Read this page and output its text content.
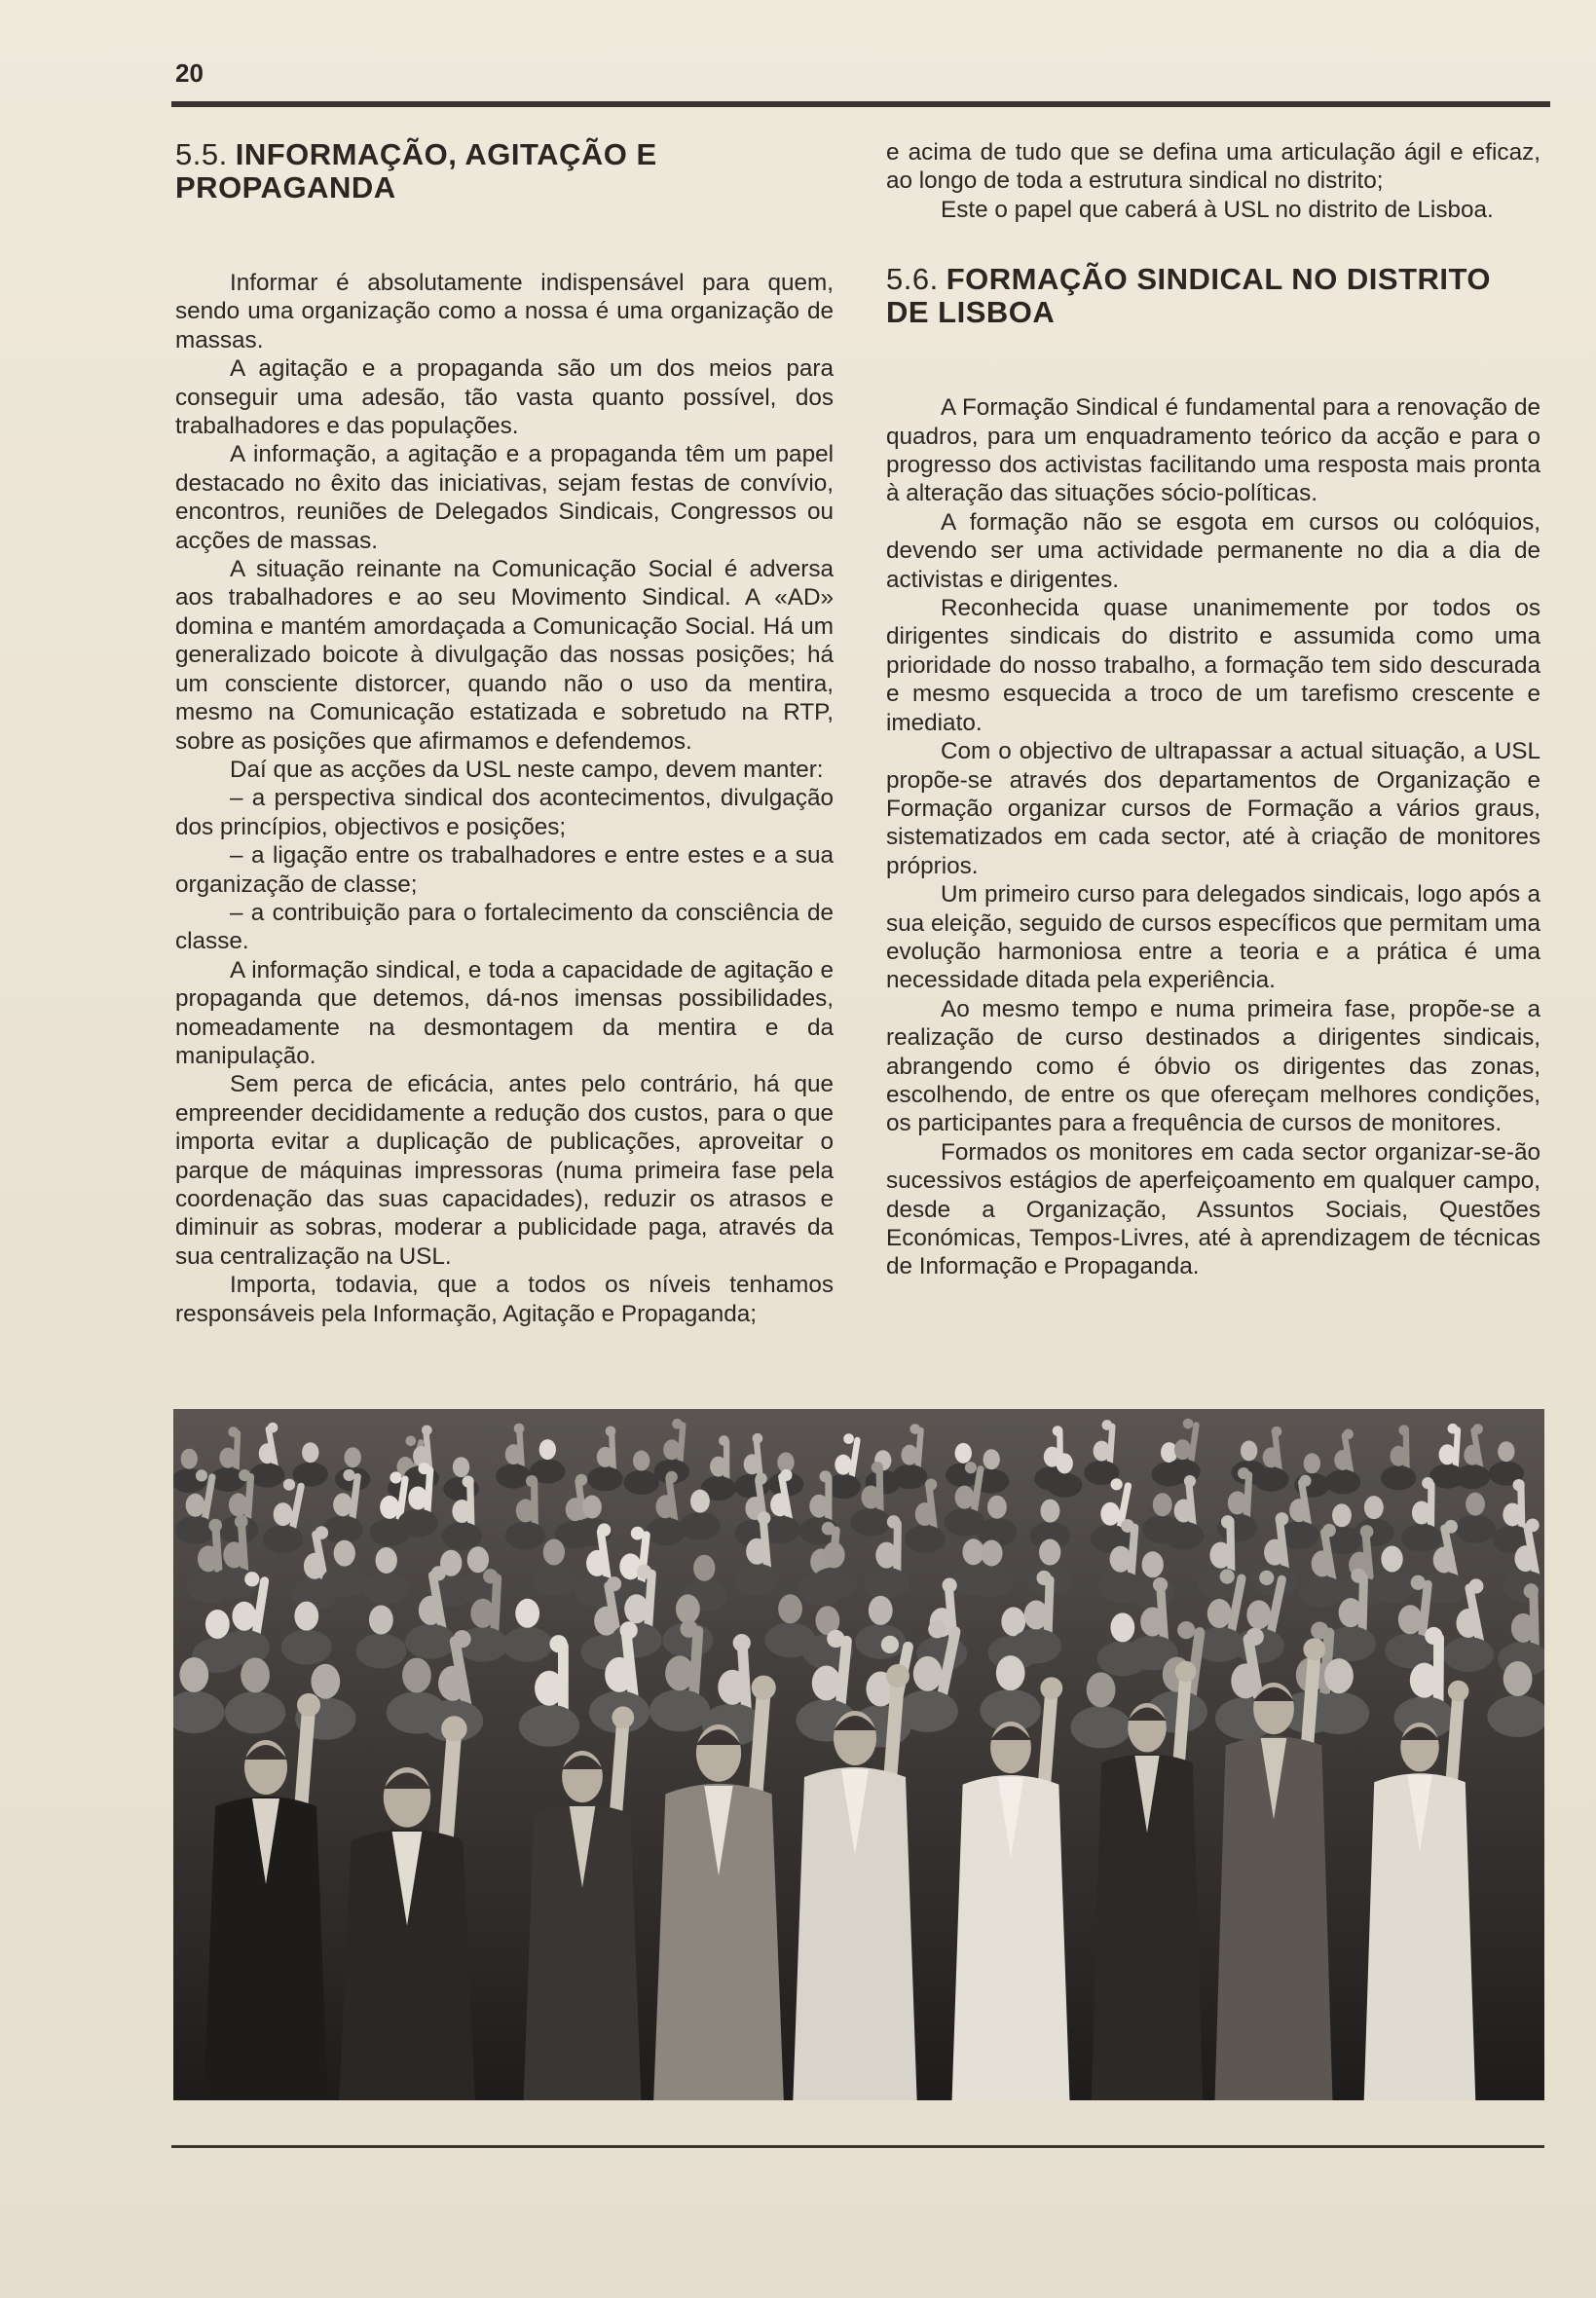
20
5.5. INFORMAÇÃO, AGITAÇÃO E PROPAGANDA

Informar é absolutamente indispensável para quem, sendo uma organização como a nossa é uma organização de massas.

A agitação e a propaganda são um dos meios para conseguir uma adesão, tão vasta quanto possível, dos trabalhadores e das populações.

A informação, a agitação e a propaganda têm um papel destacado no êxito das iniciativas, sejam festas de convívio, encontros, reuniões de Delegados Sindicais, Congressos ou acções de massas.

A situação reinante na Comunicação Social é adversa aos trabalhadores e ao seu Movimento Sindical. A «AD» domina e mantém amordaçada a Comunicação Social. Há um generalizado boicote à divulgação das nossas posições; há um consciente distorcer, quando não o uso da mentira, mesmo na Comunicação estatizada e sobretudo na RTP, sobre as posições que afirmamos e defendemos.

Daí que as acções da USL neste campo, devem manter:

– a perspectiva sindical dos acontecimentos, divulgação dos princípios, objectivos e posições;

– a ligação entre os trabalhadores e entre estes e a sua organização de classe;

– a contribuição para o fortalecimento da consciência de classe.

A informação sindical, e toda a capacidade de agitação e propaganda que detemos, dá-nos imensas possibilidades, nomeadamente na desmontagem da mentira e da manipulação.

Sem perca de eficácia, antes pelo contrário, há que empreender decididamente a redução dos custos, para o que importa evitar a duplicação de publicações, aproveitar o parque de máquinas impressoras (numa primeira fase pela coordenação das suas capacidades), reduzir os atrasos e diminuir as sobras, moderar a publicidade paga, através da sua centralização na USL.

Importa, todavia, que a todos os níveis tenhamos responsáveis pela Informação, Agitação e Propaganda;

e acima de tudo que se defina uma articulação ágil e eficaz, ao longo de toda a estrutura sindical no distrito;

Este o papel que caberá à USL no distrito de Lisboa.

5.6. FORMAÇÃO SINDICAL NO DISTRITO DE LISBOA

A Formação Sindical é fundamental para a renovação de quadros, para um enquadramento teórico da acção e para o progresso dos activistas facilitando uma resposta mais pronta à alteração das situações sócio-políticas.

A formação não se esgota em cursos ou colóquios, devendo ser uma actividade permanente no dia a dia de activistas e dirigentes.

Reconhecida quase unanimemente por todos os dirigentes sindicais do distrito e assumida como uma prioridade do nosso trabalho, a formação tem sido descurada e mesmo esquecida a troco de um tarefismo crescente e imediato.

Com o objectivo de ultrapassar a actual situação, a USL propõe-se através dos departamentos de Organização e Formação organizar cursos de Formação a vários graus, sistematizados em cada sector, até à criação de monitores próprios.

Um primeiro curso para delegados sindicais, logo após a sua eleição, seguido de cursos específicos que permitam uma evolução harmoniosa entre a teoria e a prática é uma necessidade ditada pela experiência.

Ao mesmo tempo e numa primeira fase, propõe-se a realização de curso destinados a dirigentes sindicais, abrangendo como é óbvio os dirigentes das zonas, escolhendo, de entre os que ofereçam melhores condições, os participantes para a frequência de cursos de monitores.

Formados os monitores em cada sector organizar-se-ão sucessivos estágios de aperfeiçoamento em qualquer campo, desde a Organização, Assuntos Sociais, Questões Económicas, Tempos-Livres, até à aprendizagem de técnicas de Informação e Propaganda.
